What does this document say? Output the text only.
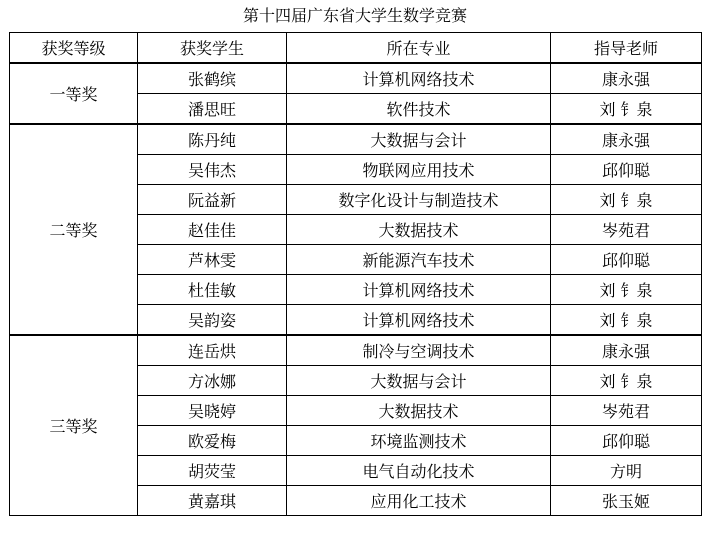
第十四届广东省大学生数学竞赛
获奖等级	获奖学生	所在专业	指导老师
一等奖	张鹤缤	计算机网络技术	康永强
	潘思旺	软件技术	刘 钅泉
二等奖	陈丹纯	大数据与会计	康永强
	吴伟杰	物联网应用技术	邱仰聪
	阮益新	数字化设计与制造技术	刘 钅泉
	赵佳佳	大数据技术	岑苑君
	芦林雯	新能源汽车技术	邱仰聪
	杜佳敏	计算机网络技术	刘 钅泉
	吴韵姿	计算机网络技术	刘 钅泉
三等奖	连岳烘	制冷与空调技术	康永强
	方冰娜	大数据与会计	刘 钅泉
	吴晓婷	大数据技术	岑苑君
	欧爱梅	环境监测技术	邱仰聪
	胡荧莹	电气自动化技术	方明
	黄嘉琪	应用化工技术	张玉姬
